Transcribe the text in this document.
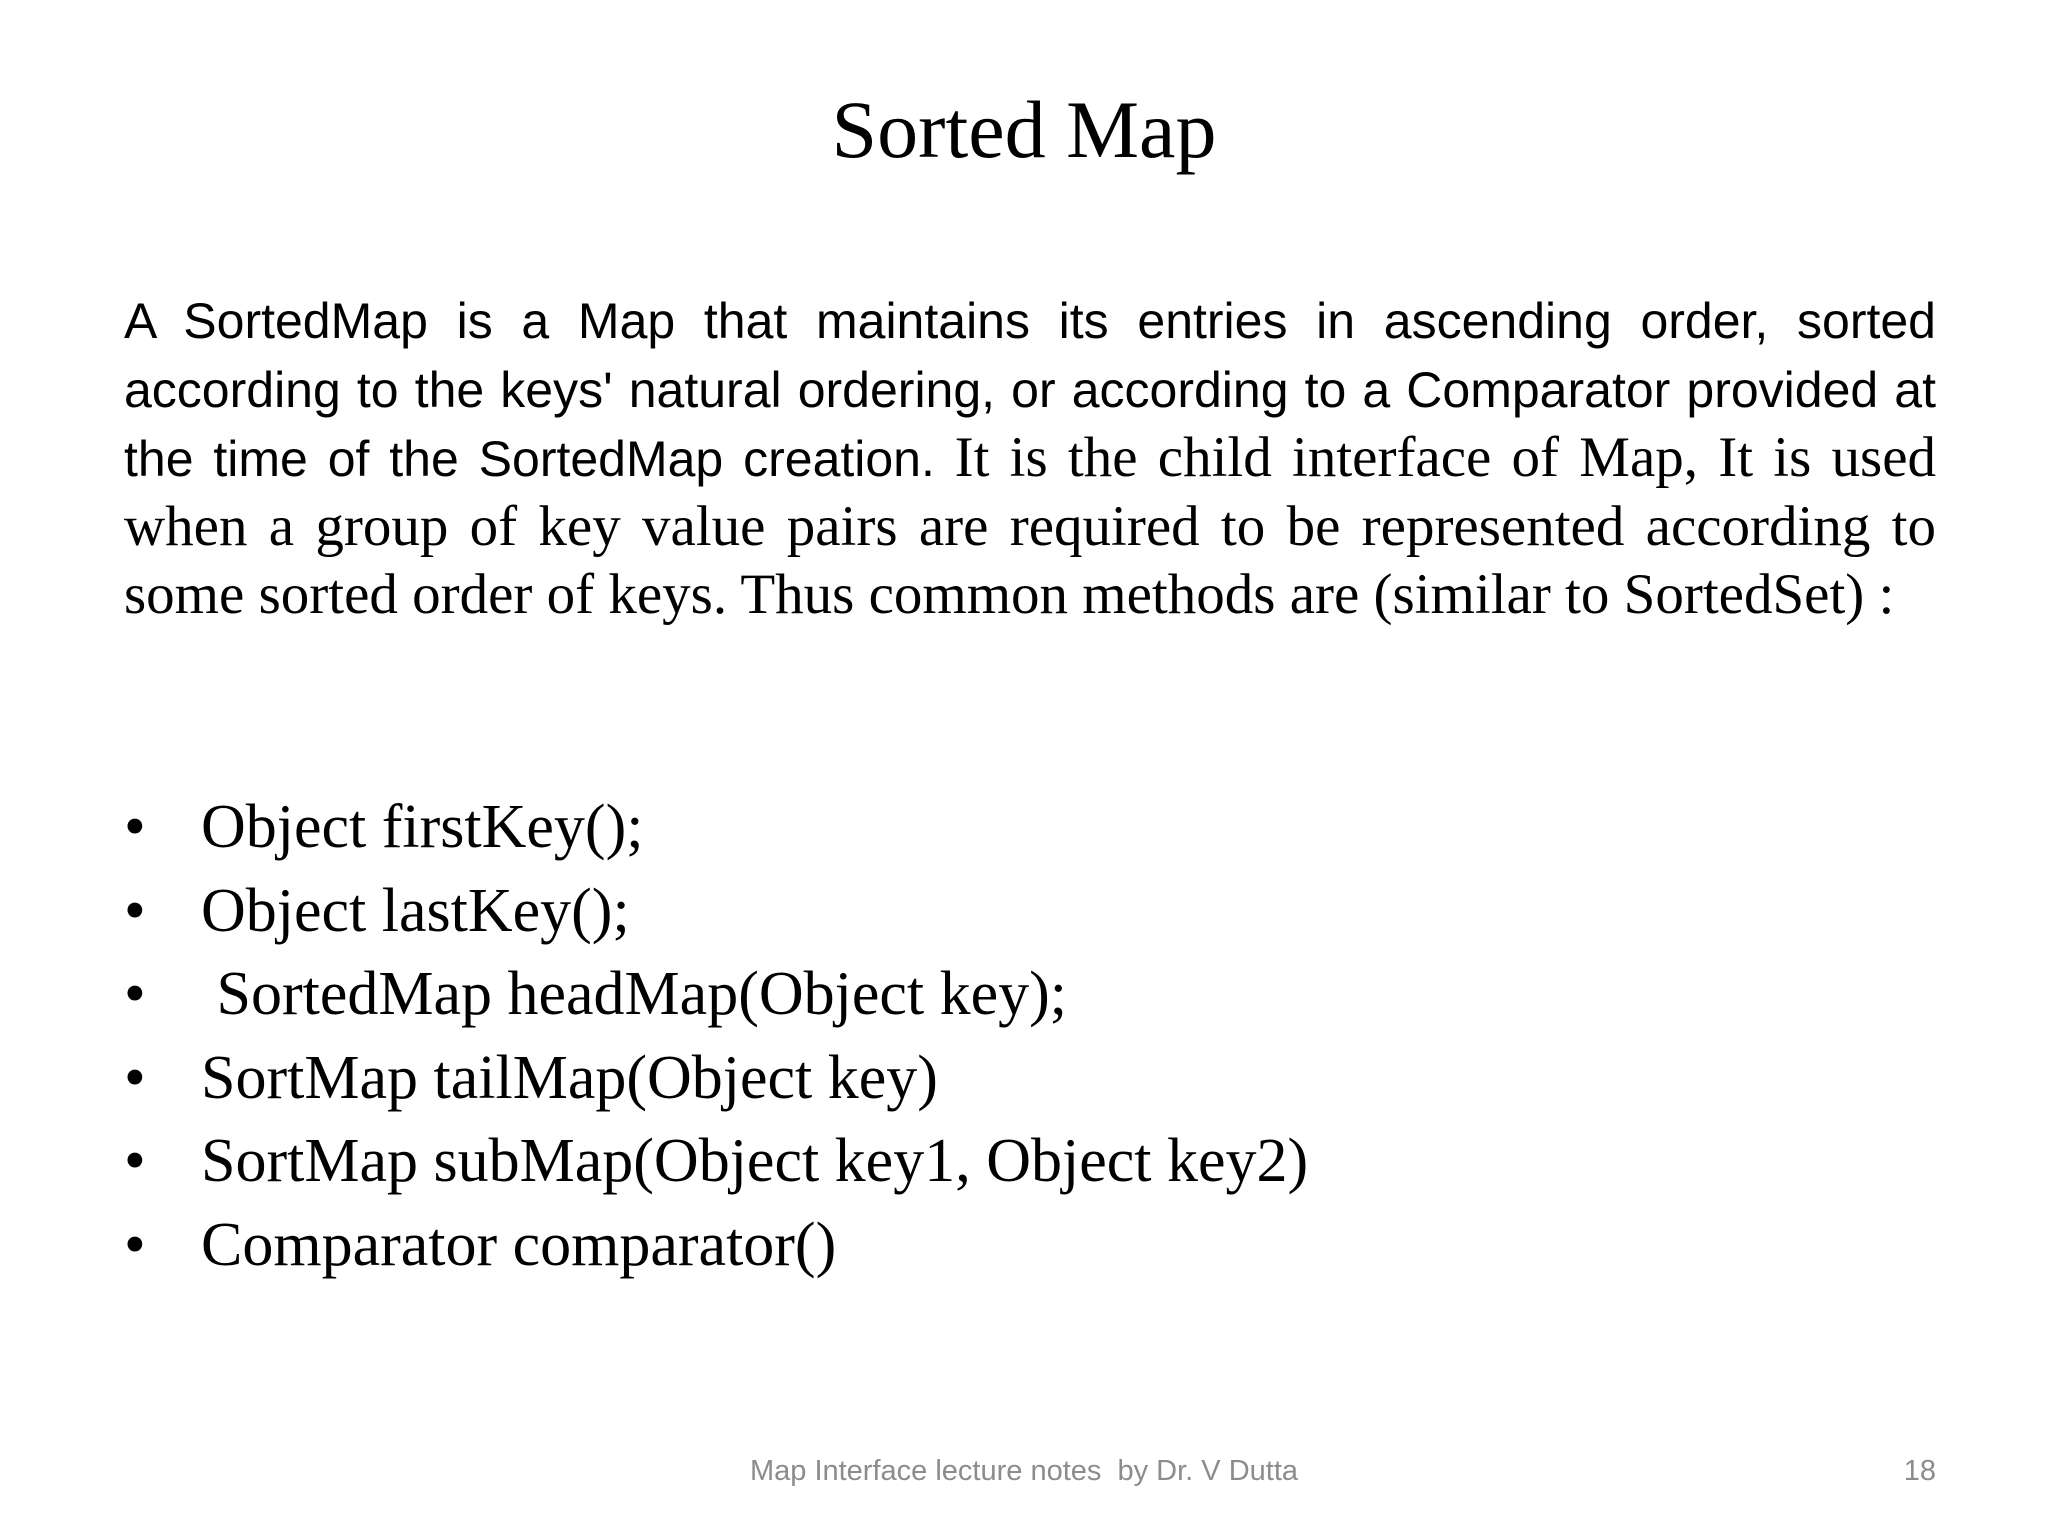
Sorted Map

A SortedMap is a Map that maintains its entries in ascending order, sorted according to the keys' natural ordering, or according to a Comparator provided at the time of the SortedMap creation. It is the child interface of Map, It is used when a group of key value pairs are required to be represented according to some sorted order of keys. Thus common methods are (similar to SortedSet) :

• Object firstKey();
• Object lastKey();
• SortedMap headMap(Object key);
• SortMap tailMap(Object key)
• SortMap subMap(Object key1, Object key2)
• Comparator comparator()
Map Interface lecture notes  by Dr. V Dutta	18
